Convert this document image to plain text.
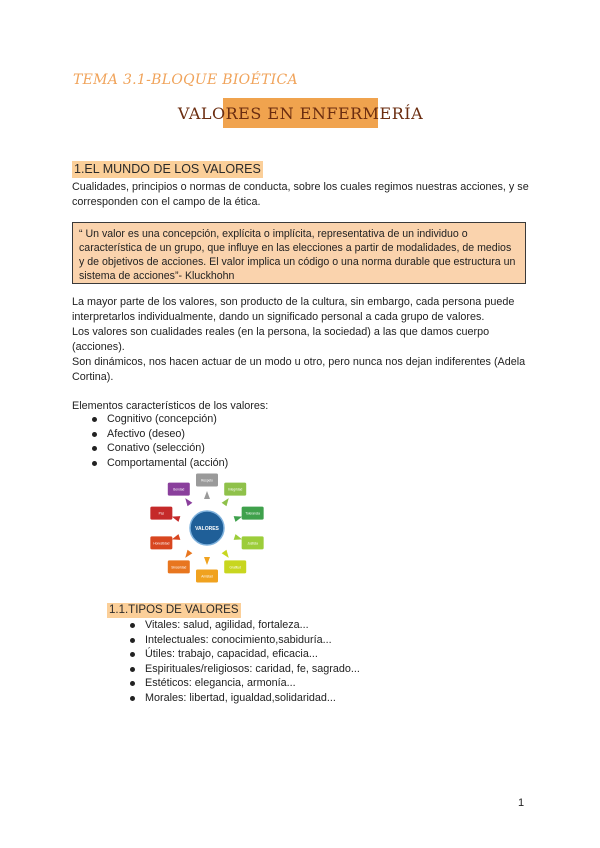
TEMA 3.1-BLOQUE BIOÉTICA
VALORES EN ENFERMERÍA
1.EL MUNDO DE LOS VALORES
Cualidades, principios o normas de conducta, sobre los cuales regimos nuestras acciones, y se corresponden con el campo de la ética.
“ Un valor es una concepción, explícita o implícita, representativa de un individuo o característica de un grupo, que influye en las elecciones a partir de modalidades, de medios y de objetivos de acciones. El valor implica un código o una norma durable que estructura un sistema de acciones”- Kluckhohn
La mayor parte de los valores, son producto de la cultura, sin embargo, cada persona puede interpretarlos individualmente, dando un significado personal a cada grupo de valores.
Los valores son cualidades reales (en la persona, la sociedad) a las que damos cuerpo (acciones).
Son dinámicos, nos hacen actuar de un modo u otro, pero nunca nos dejan indiferentes (Adela Cortina).
Elementos característicos de los valores:
Cognitivo (concepción)
Afectivo (deseo)
Conativo (selección)
Comportamental (acción)
Respeto
Integridad
Tolerancia
Justicia
Gratitud
Amistad
Sinceridad
Honestidad
Paz
Bondad
VALORES
1.1.TIPOS DE VALORES
Vitales: salud, agilidad, fortaleza...
Intelectuales: conocimiento,sabiduría...
Útiles: trabajo, capacidad, eficacia...
Espirituales/religiosos: caridad, fe, sagrado...
Estéticos: elegancia, armonía...
Morales: libertad, igualdad,solidaridad...
1
